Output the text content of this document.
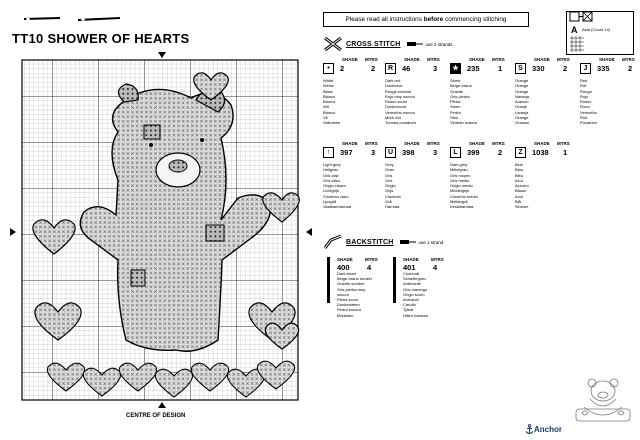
TT10 SHOWER OF HEARTS
CENTRE OF DESIGN
Please read all instructions before commencing stitching
A Aida (Count 14)
CROSS STITCH	use 2 strands
SHADE MTRS
•	2	2
White
Weiss
Blanc
Blanco
Bianco
Wit
Blanco
Vit
Valkoinen
SHADE MTRS
R	46	3
Dark red
Dunkelrot
Rouge sombre
Rojo muy oscuro
Rosso scuro
Donkerrood
Vermelho escuro
Mörk röd
Tumma punainen
SHADE MTRS
★	235 1
Stone
Beige-braun
Granite
Gris piedra
Pietra
Steen
Pedra
Sten
Vihreän ruskea
SHADE MTRS
S	330 2
Orange
Orange
Orange
Naranja
Arancio
Oranje
Laranja
Orange
Oranssi
SHADE MTRS
J	335 2
Red
Rot
Rouge
Rojo
Rosso
Rood
Vermelho
Röd
Punainen
SHADE MTRS
↑	397 3
Light grey
Hellgrau
Gris clair
Gris claro
Grigio chiaro
Lichtgrijs
Cinzento claro
Ljusgrå
Vaaleanharmaa
SHADE MTRS
U	398 3
Grey
Grau
Gris
Gris
Grigio
Grijs
Cinzento
Grå
Harmaa
SHADE MTRS
L	399 2
Dark grey
Mittelgrau
Gris moyen
Gris medio
Grigio medio
Middelgrijs
Cinzento médio
Mellangrå
Keskiharmaa
SHADE MTRS
Z	1038 1
Blue
Blau
Bleu
Azul
Azzurro
Blauw
Azul
Blå
Sininen
BACKSTITCH	use 1 strand
SHADE	MTRS
400 4
Dark stone
Beige-braun dunkel
Granite sombre
Gris piedra muy
oscuro
Pietra scuro
Donkersteen
Pedra escura
Mörksten
SHADE	MTRS
401 4
Charcoal
Schiefergrau
Anthracite
Gris marengo
Grigio scuro
Antraciet
Carvão
Tjärat
Hiilen harmaa
Anchor
